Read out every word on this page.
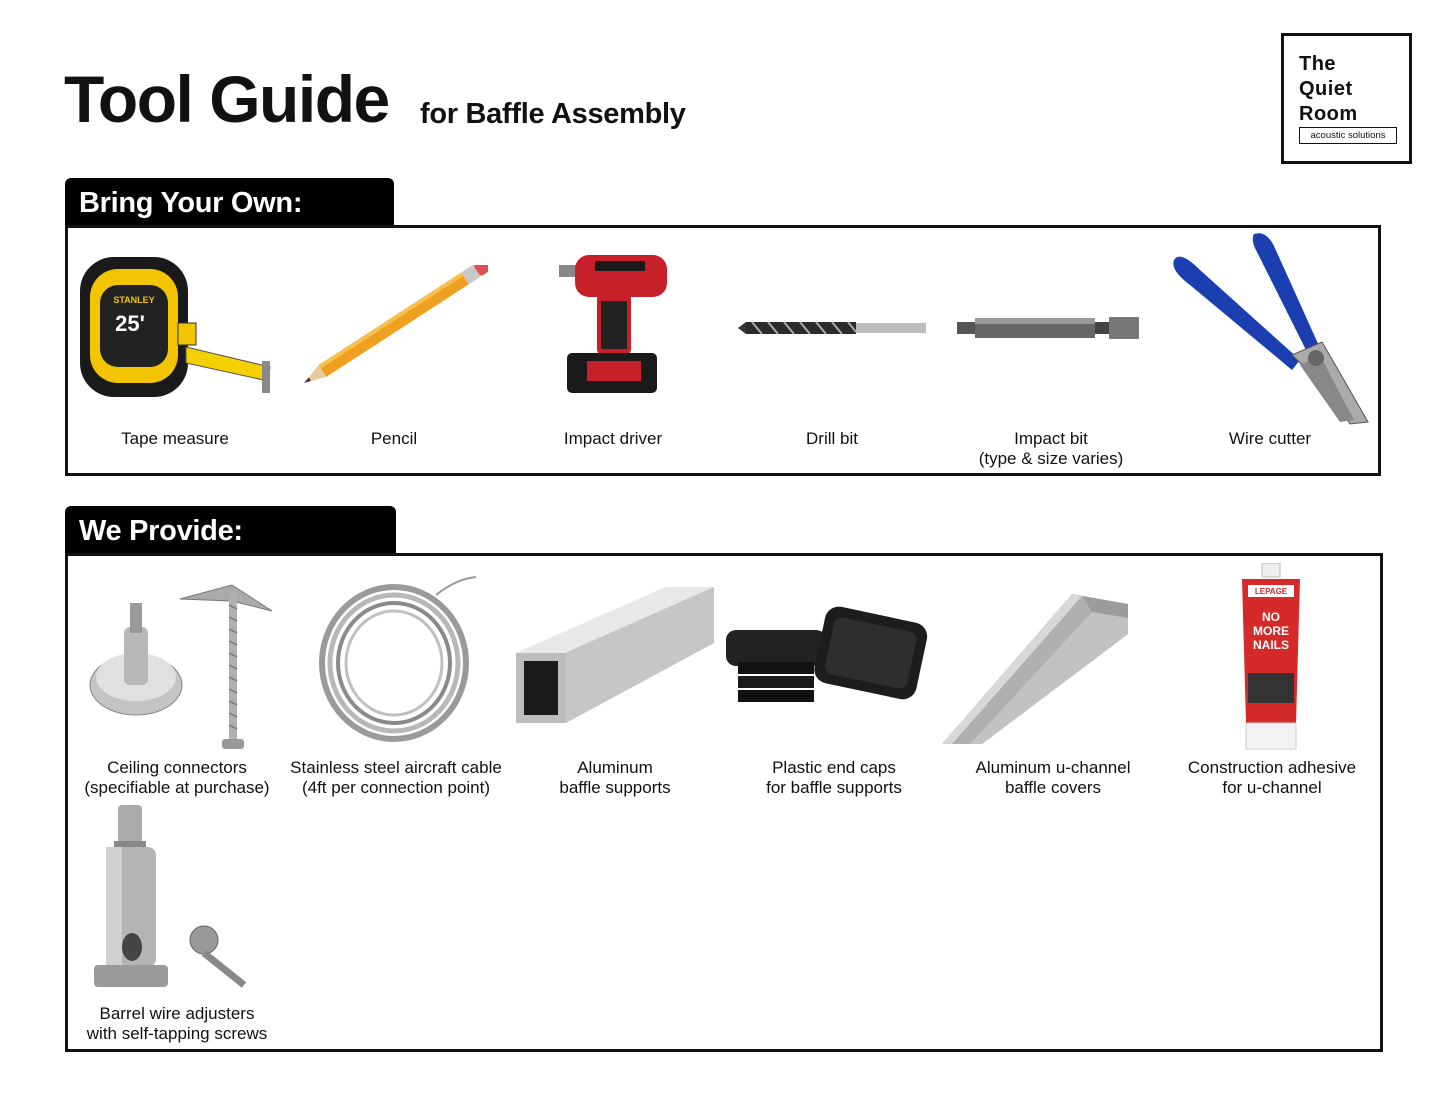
Tool Guide for Baffle Assembly
The
Quiet
Room
acoustic solutions
Bring Your Own:
STANLEY
25'
Tape measure	Pencil	Impact driver	Drill bit	Impact bit
(type & size varies)
Wire cutter
We Provide:
Ceiling connectors
(specifiable at purchase)
Stainless steel aircraft cable
(4ft per connection point)
Aluminum
baffle supports
Plastic end caps
for baffle supports
Aluminum u-channel
baffle covers
LEPAGE
NO
MORE
NAILS
Construction adhesive
for u-channel
Barrel wire adjusters
with self-tapping screws
